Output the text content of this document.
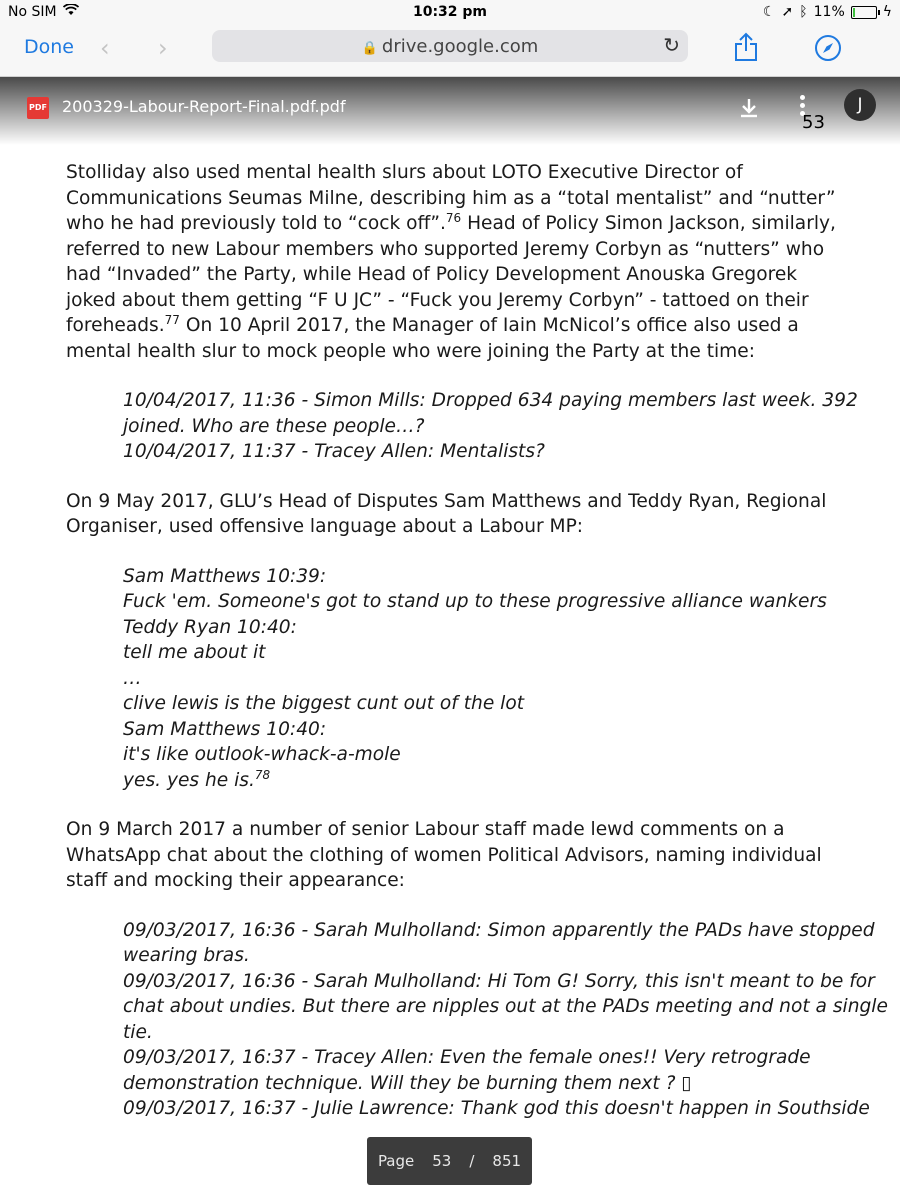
No SIM	10:32 pm	☾ ➚ ᛒ 11%	ϟ
Done ‹ ›	🔒 drive.google.com	↻
PDF 200329-Labour-Report-Final.pdf.pdf
53
J

Stolliday also used mental health slurs about LOTO Executive Director of Communications Seumas Milne, describing him as a “total mentalist” and “nutter” who he had previously told to “cock off”.$^{76}$ Head of Policy Simon Jackson, similarly, referred to new Labour members who supported Jeremy Corbyn as “nutters” who had “Invaded” the Party, while Head of Policy Development Anouska Gregorek joked about them getting “F U JC” - “Fuck you Jeremy Corbyn” - tattoed on their foreheads.$^{77}$ On 10 April 2017, the Manager of Iain McNicol’s office also used a mental health slur to mock people who were joining the Party at the time:

10/04/2017, 11:36 - Simon Mills: Dropped 634 paying members last week. 392
joined. Who are these people…?
10/04/2017, 11:37 - Tracey Allen: Mentalists?

On 9 May 2017, GLU’s Head of Disputes Sam Matthews and Teddy Ryan, Regional Organiser, used offensive language about a Labour MP:

Sam Matthews 10:39:
Fuck 'em. Someone's got to stand up to these progressive alliance wankers
Teddy Ryan 10:40:
tell me about it
…
clive lewis is the biggest cunt out of the lot
Sam Matthews 10:40:
it's like outlook-whack-a-mole
yes. yes he is.$^{78}$

On 9 March 2017 a number of senior Labour staff made lewd comments on a WhatsApp chat about the clothing of women Political Advisors, naming individual staff and mocking their appearance:

09/03/2017, 16:36 - Sarah Mulholland: Simon apparently the PADs have stopped
wearing bras.
09/03/2017, 16:36 - Sarah Mulholland: Hi Tom G! Sorry, this isn't meant to be for
chat about undies. But there are nipples out at the PADs meeting and not a single
tie.
09/03/2017, 16:37 - Tracey Allen: Even the female ones!! Very retrograde
demonstration technique. Will they be burning them next ? ▯
09/03/2017, 16:37 - Julie Lawrence: Thank god this doesn't happen in Southside
Page 53 / 851
